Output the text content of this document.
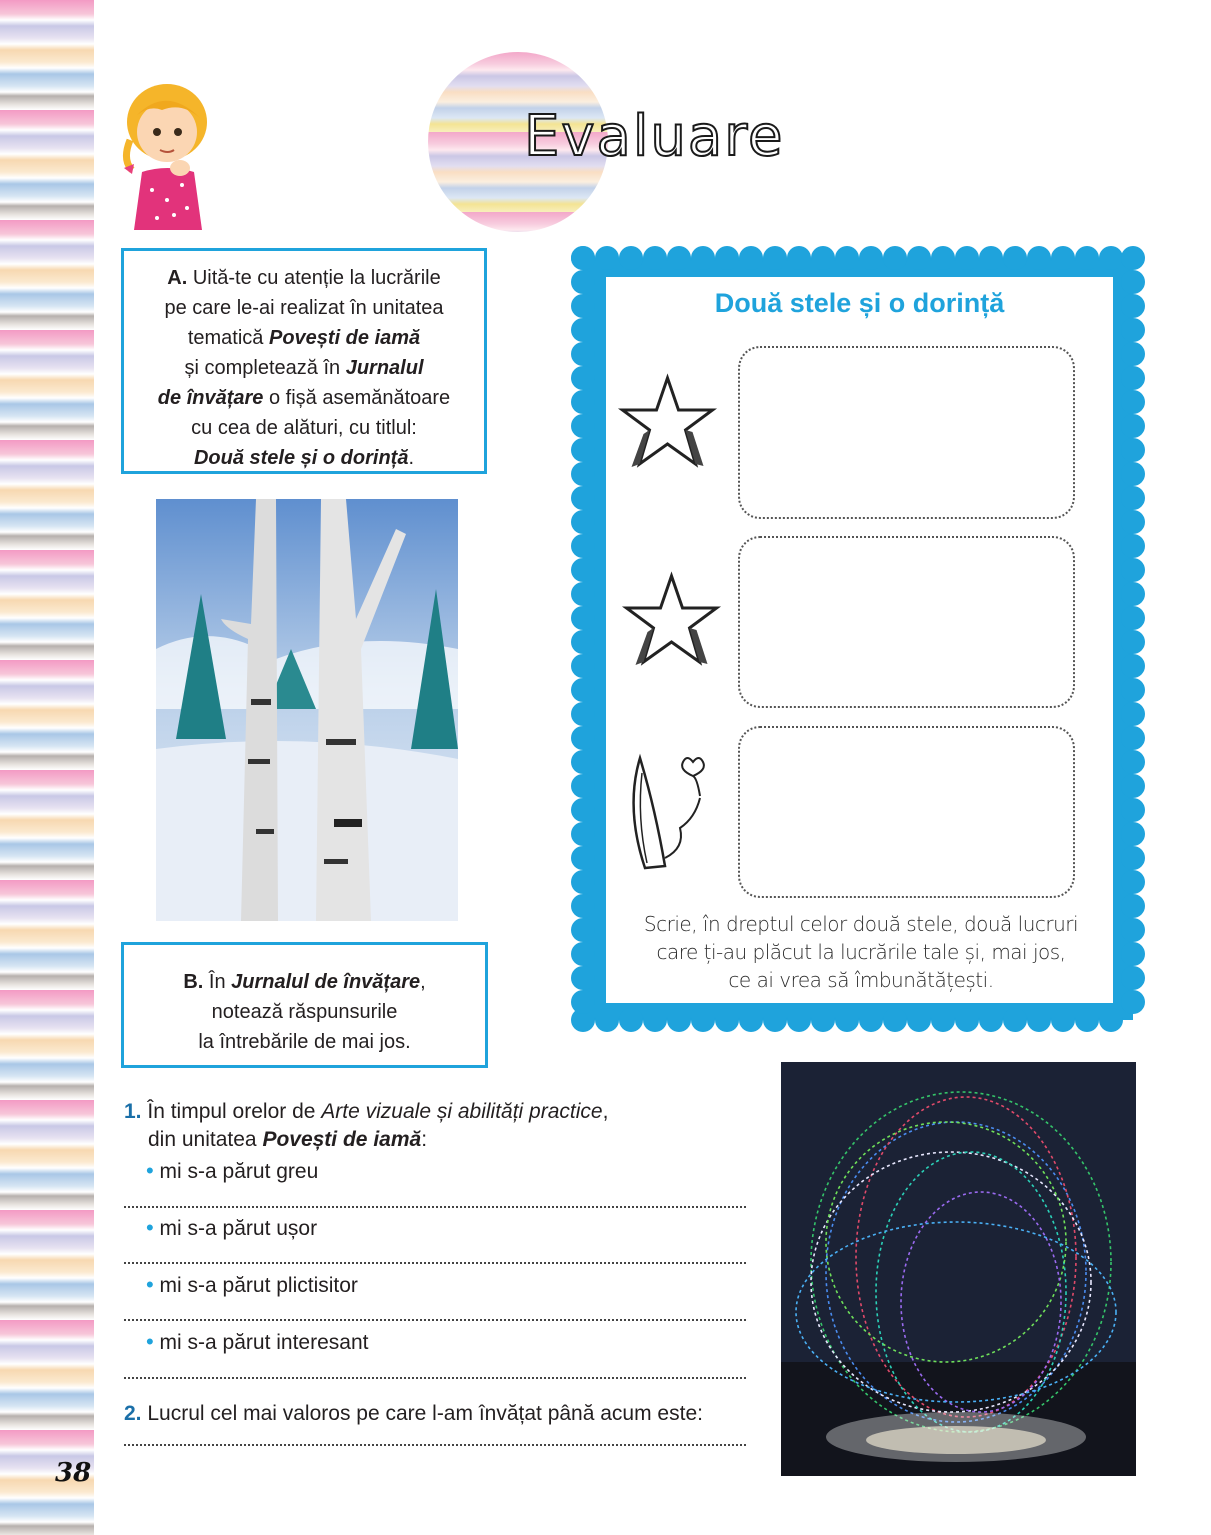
38
Evaluare
A. Uită-te cu atenție la lucrările
pe care le-ai realizat în unitatea
tematică Povești de iamă
și completează în Jurnalul
de învățare o fișă asemănătoare
cu cea de alături, cu titlul:
Două stele și o dorință.
B. În Jurnalul de învățare,
notează răspunsurile
la întrebările de mai jos.
Două stele și o dorință
Scrie, în dreptul celor două stele, două lucruri
care ți-au plăcut la lucrările tale și, mai jos,
ce ai vrea să îmbunătățești.
1. În timpul orelor de Arte vizuale și abilități practice,
din unitatea Povești de iamă:
• mi s-a părut greu
• mi s-a părut ușor
• mi s-a părut plictisitor
• mi s-a părut interesant
2. Lucrul cel mai valoros pe care l-am învățat până acum este:
